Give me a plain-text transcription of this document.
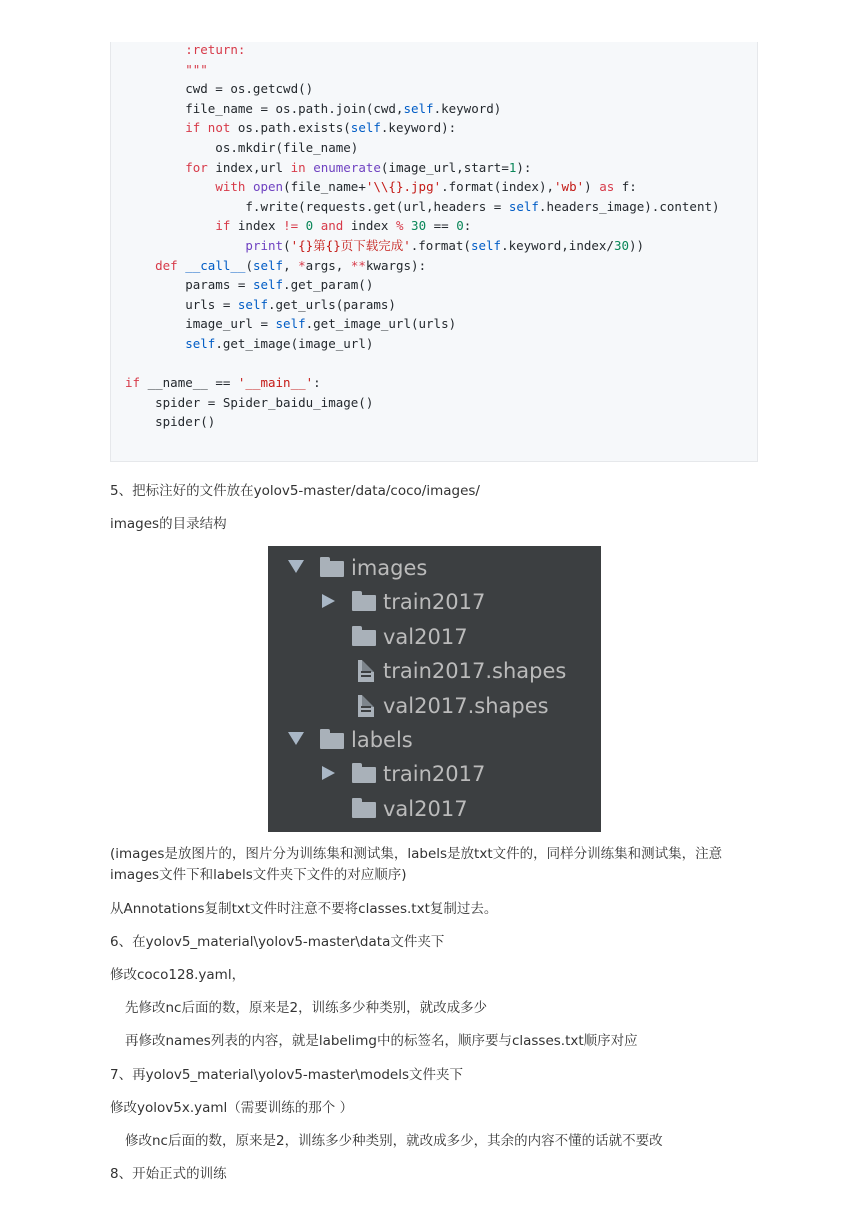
:return:
"""
cwd = os.getcwd()
file_name = os.path.join(cwd,self.keyword)
if not os.path.exists(self.keyword):
os.mkdir(file_name)
for index,url in enumerate(image_url,start=1):
with open(file_name+'\\{}.jpg'.format(index),'wb') as f:
f.write(requests.get(url,headers = self.headers_image).content)
if index != 0 and index % 30 == 0:
print('{}第{}页下载完成'.format(self.keyword,index/30))
def __call__(self, *args, **kwargs):
params = self.get_param()
urls = self.get_urls(params)
image_url = self.get_image_url(urls)
self.get_image(image_url)
if __name__ == '__main__':
spider = Spider_baidu_image()
spider()
5、把标注好的文件放在yolov5-master/data/coco/images/
images的目录结构
images
train2017
val2017
train2017.shapes
val2017.shapes
labels
train2017
val2017
(images是放图片的，图片分为训练集和测试集，labels是放txt文件的，同样分训练集和测试集，注意
images文件下和labels文件夹下文件的对应顺序)
从Annotations复制txt文件时注意不要将classes.txt复制过去。
6、在yolov5_material\yolov5-master\data文件夹下
修改coco128.yaml，
先修改nc后面的数，原来是2，训练多少种类别，就改成多少
再修改names列表的内容，就是labelimg中的标签名，顺序要与classes.txt顺序对应
7、再yolov5_material\yolov5-master\models文件夹下
修改yolov5x.yaml（需要训练的那个 ）
修改nc后面的数，原来是2，训练多少种类别，就改成多少，其余的内容不懂的话就不要改
8、开始正式的训练
